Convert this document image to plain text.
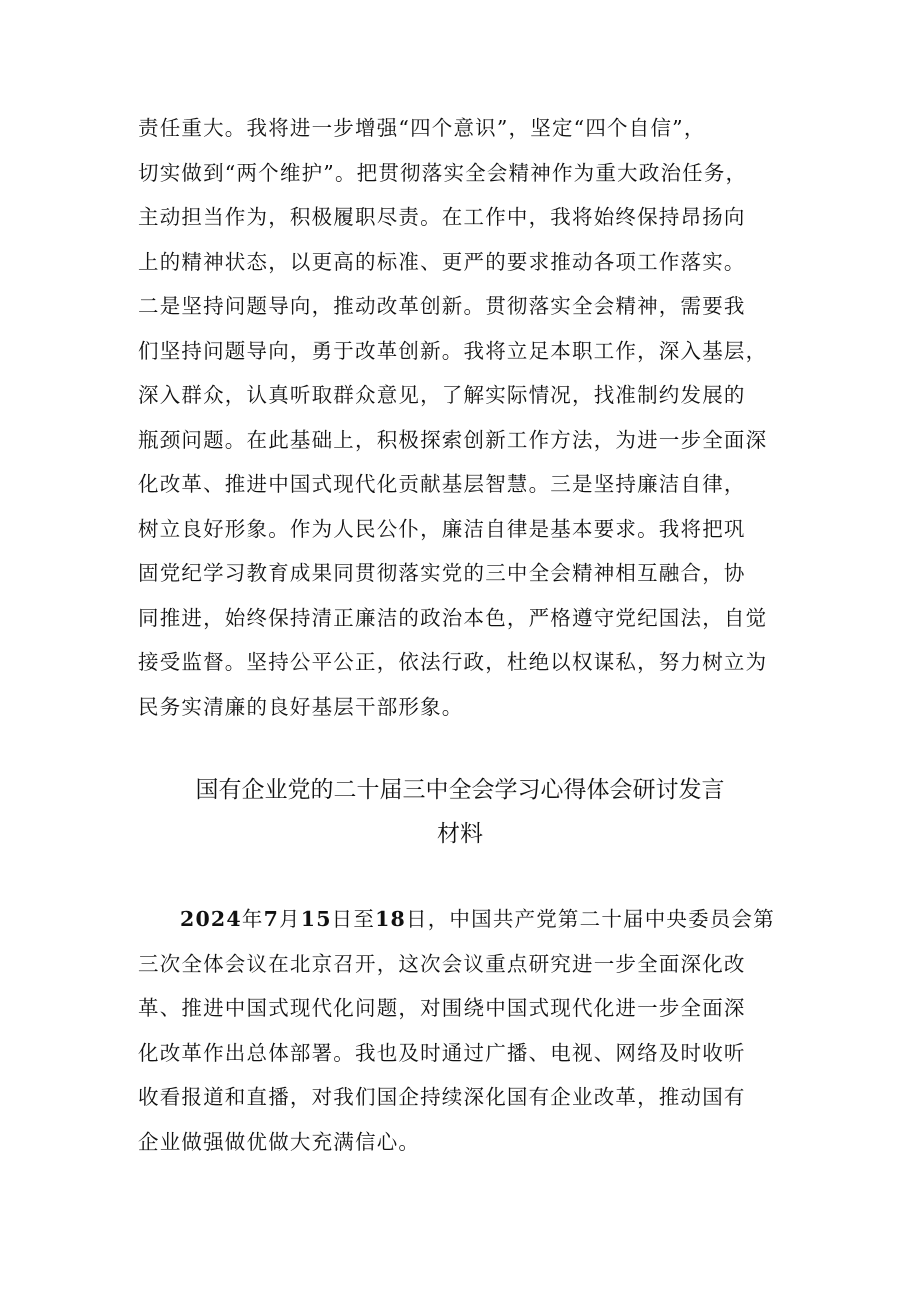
责任重大。我将进一步增强“四个意识”，坚定“四个自信”，
切实做到“两个维护”。把贯彻落实全会精神作为重大政治任务，
主动担当作为，积极履职尽责。在工作中，我将始终保持昂扬向
上的精神状态，以更高的标准、更严的要求推动各项工作落实。
二是坚持问题导向，推动改革创新。贯彻落实全会精神，需要我
们坚持问题导向，勇于改革创新。我将立足本职工作，深入基层，
深入群众，认真听取群众意见，了解实际情况，找准制约发展的
瓶颈问题。在此基础上，积极探索创新工作方法，为进一步全面深
化改革、推进中国式现代化贡献基层智慧。三是坚持廉洁自律，
树立良好形象。作为人民公仆，廉洁自律是基本要求。我将把巩
固党纪学习教育成果同贯彻落实党的三中全会精神相互融合，协
同推进，始终保持清正廉洁的政治本色，严格遵守党纪国法，自觉
接受监督。坚持公平公正，依法行政，杜绝以权谋私，努力树立为
民务实清廉的良好基层干部形象。
国有企业党的二十届三中全会学习心得体会研讨发言
材料
2024年7月15日至18日，中国共产党第二十届中央委员会第
三次全体会议在北京召开，这次会议重点研究进一步全面深化改
革、推进中国式现代化问题，对围绕中国式现代化进一步全面深
化改革作出总体部署。我也及时通过广播、电视、网络及时收听
收看报道和直播，对我们国企持续深化国有企业改革，推动国有
企业做强做优做大充满信心。
